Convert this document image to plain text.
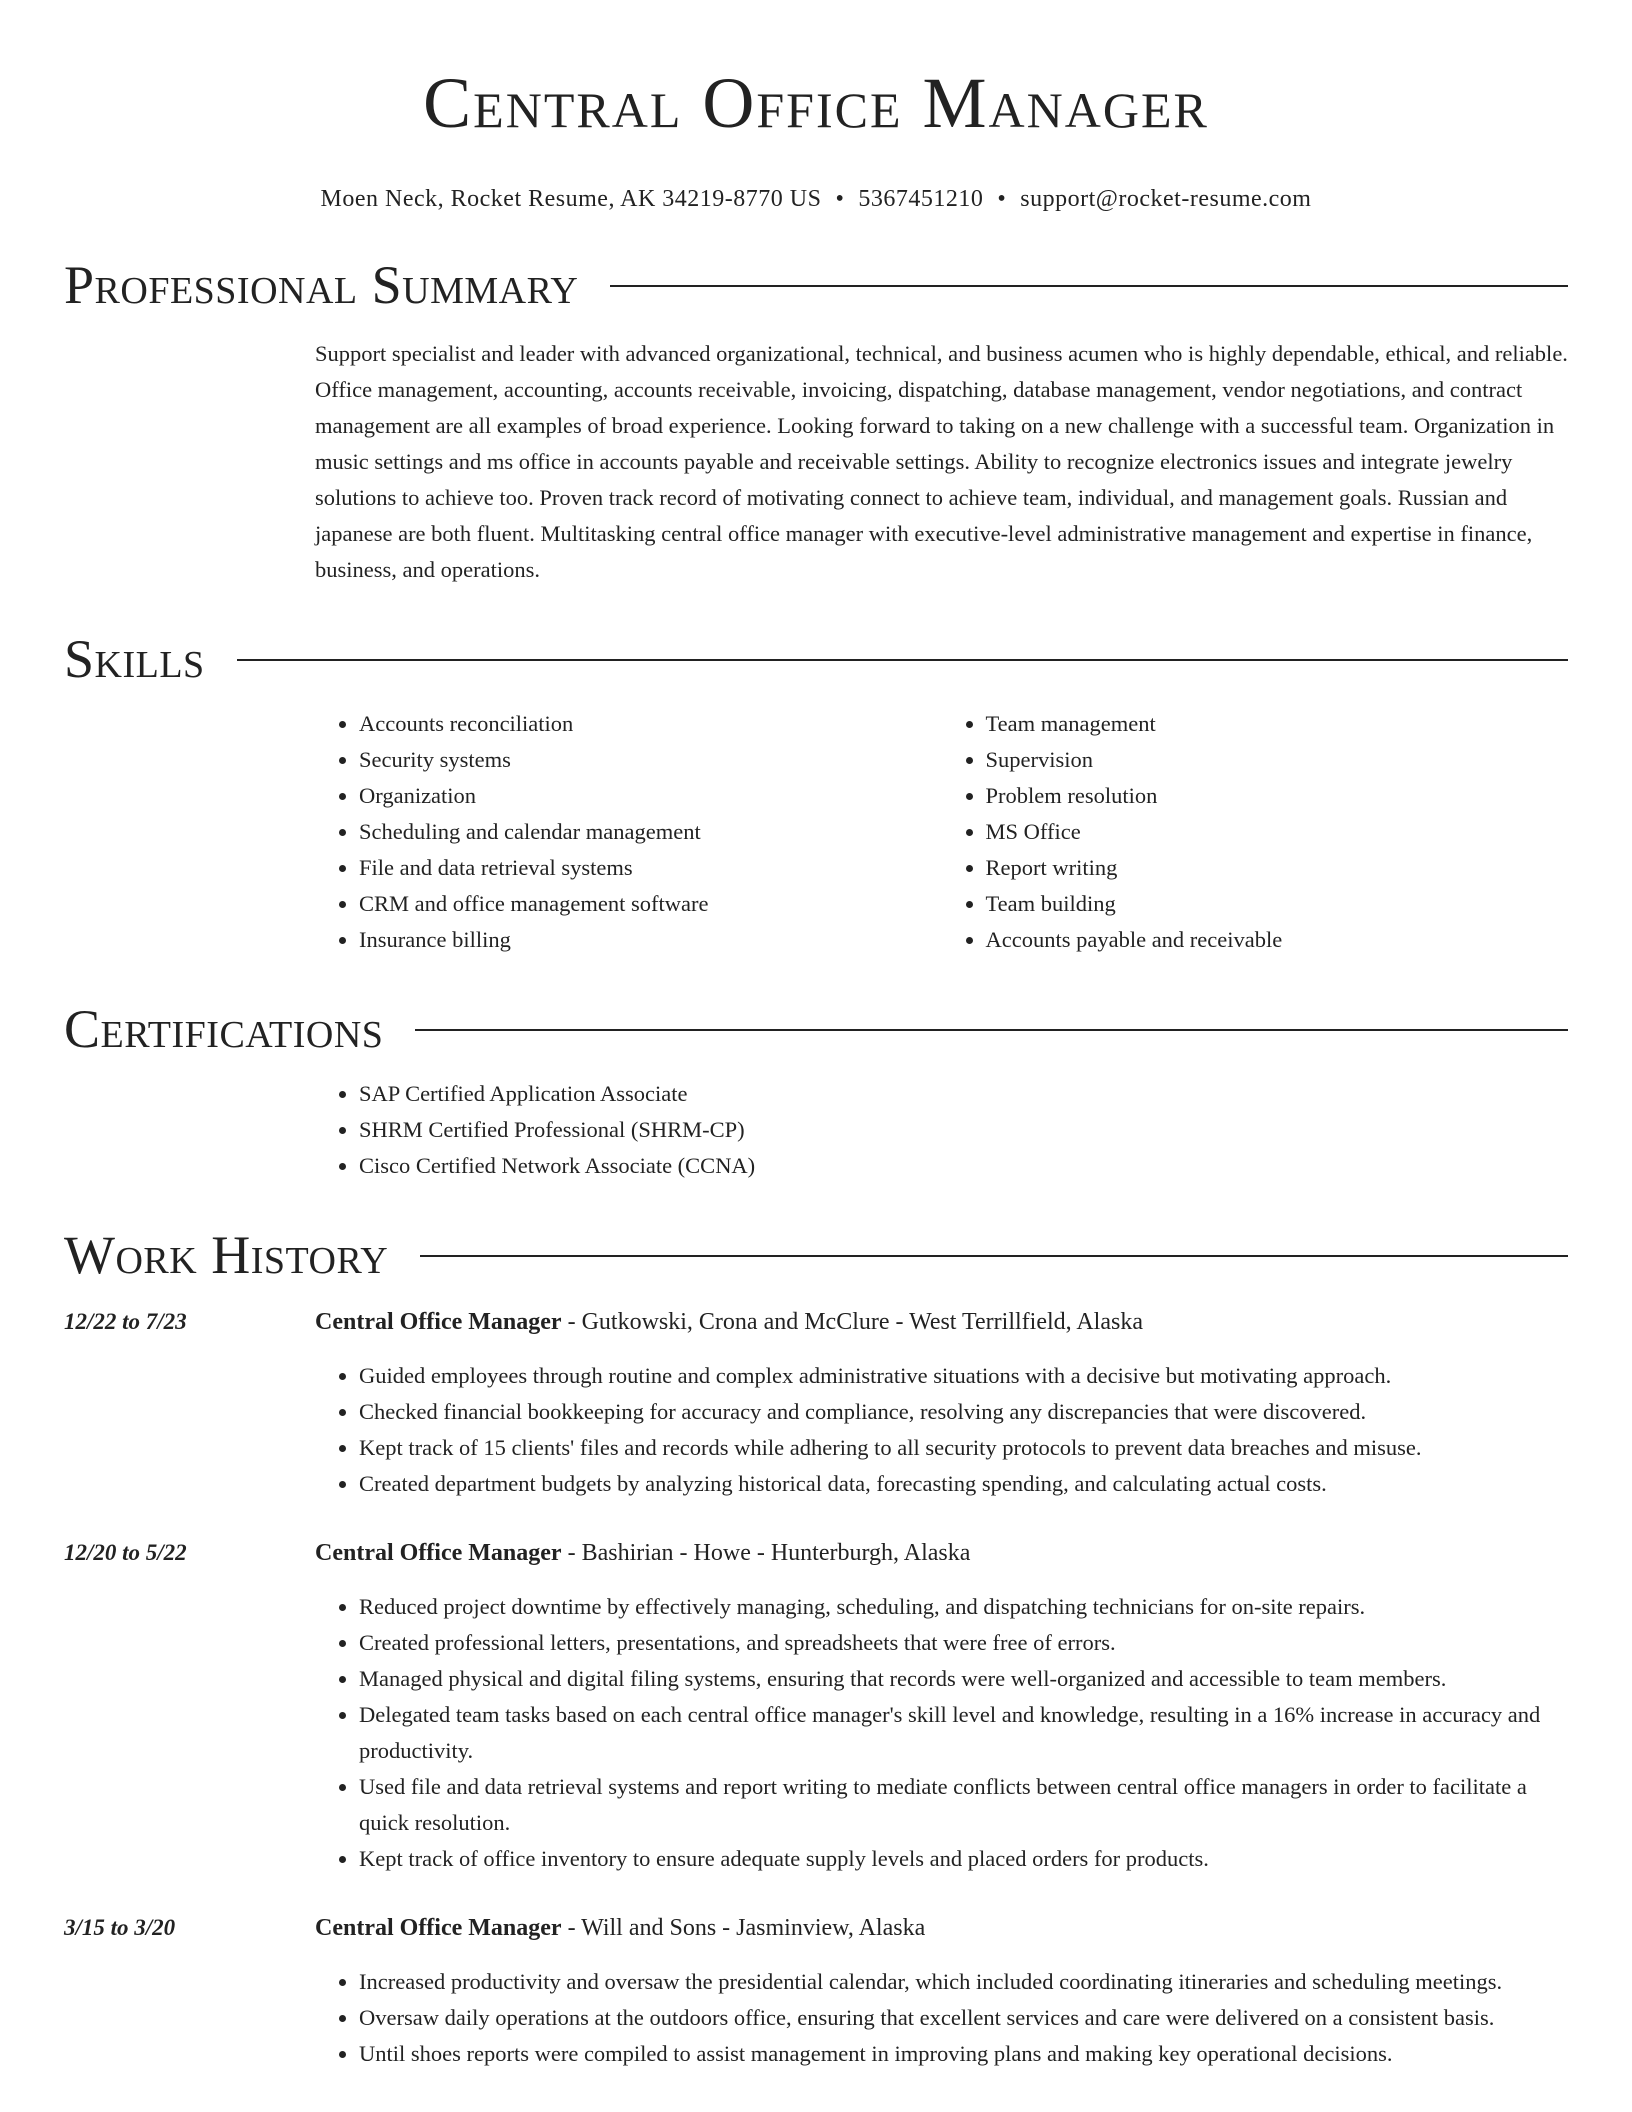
Central Office Manager
Moen Neck, Rocket Resume, AK 34219-8770 US • 5367451210 • support@rocket-resume.com
Professional Summary
Support specialist and leader with advanced organizational, technical, and business acumen who is highly dependable, ethical, and reliable. Office management, accounting, accounts receivable, invoicing, dispatching, database management, vendor negotiations, and contract management are all examples of broad experience. Looking forward to taking on a new challenge with a successful team. Organization in music settings and ms office in accounts payable and receivable settings. Ability to recognize electronics issues and integrate jewelry solutions to achieve too. Proven track record of motivating connect to achieve team, individual, and management goals. Russian and japanese are both fluent. Multitasking central office manager with executive-level administrative management and expertise in finance, business, and operations.
Skills
• Accounts reconciliation
• Security systems
• Organization
• Scheduling and calendar management
• File and data retrieval systems
• CRM and office management software
• Insurance billing
• Team management
• Supervision
• Problem resolution
• MS Office
• Report writing
• Team building
• Accounts payable and receivable
Certifications
• SAP Certified Application Associate
• SHRM Certified Professional (SHRM-CP)
• Cisco Certified Network Associate (CCNA)
Work History
12/22 to 7/23	Central Office Manager - Gutkowski, Crona and McClure - West Terrillfield, Alaska
• Guided employees through routine and complex administrative situations with a decisive but motivating approach.
• Checked financial bookkeeping for accuracy and compliance, resolving any discrepancies that were discovered.
• Kept track of 15 clients' files and records while adhering to all security protocols to prevent data breaches and misuse.
• Created department budgets by analyzing historical data, forecasting spending, and calculating actual costs.
12/20 to 5/22	Central Office Manager - Bashirian - Howe - Hunterburgh, Alaska
• Reduced project downtime by effectively managing, scheduling, and dispatching technicians for on-site repairs.
• Created professional letters, presentations, and spreadsheets that were free of errors.
• Managed physical and digital filing systems, ensuring that records were well-organized and accessible to team members.
• Delegated team tasks based on each central office manager's skill level and knowledge, resulting in a 16% increase in accuracy and productivity.
• Used file and data retrieval systems and report writing to mediate conflicts between central office managers in order to facilitate a quick resolution.
• Kept track of office inventory to ensure adequate supply levels and placed orders for products.
3/15 to 3/20	Central Office Manager - Will and Sons - Jasminview, Alaska
• Increased productivity and oversaw the presidential calendar, which included coordinating itineraries and scheduling meetings.
• Oversaw daily operations at the outdoors office, ensuring that excellent services and care were delivered on a consistent basis.
• Until shoes reports were compiled to assist management in improving plans and making key operational decisions.
